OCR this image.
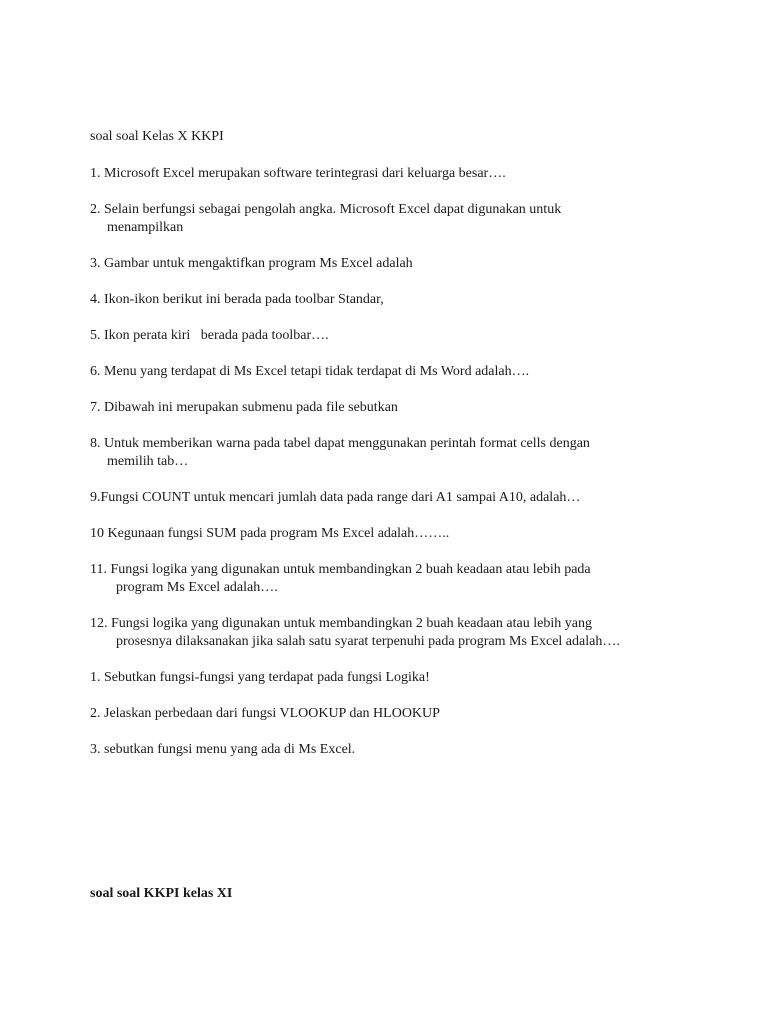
soal soal Kelas X KKPI
1. Microsoft Excel merupakan software terintegrasi dari keluarga besar….
2. Selain berfungsi sebagai pengolah angka. Microsoft Excel dapat digunakan untuk
menampilkan
3. Gambar untuk mengaktifkan program Ms Excel adalah
4. Ikon-ikon berikut ini berada pada toolbar Standar,
5. Ikon perata kiri   berada pada toolbar….
6. Menu yang terdapat di Ms Excel tetapi tidak terdapat di Ms Word adalah….
7. Dibawah ini merupakan submenu pada file sebutkan
8. Untuk memberikan warna pada tabel dapat menggunakan perintah format cells dengan
memilih tab…
9.Fungsi COUNT untuk mencari jumlah data pada range dari A1 sampai A10, adalah…
10 Kegunaan fungsi SUM pada program Ms Excel adalah……..
11. Fungsi logika yang digunakan untuk membandingkan 2 buah keadaan atau lebih pada
program Ms Excel adalah….
12. Fungsi logika yang digunakan untuk membandingkan 2 buah keadaan atau lebih yang
prosesnya dilaksanakan jika salah satu syarat terpenuhi pada program Ms Excel adalah….
1. Sebutkan fungsi-fungsi yang terdapat pada fungsi Logika!
2. Jelaskan perbedaan dari fungsi VLOOKUP dan HLOOKUP
3. sebutkan fungsi menu yang ada di Ms Excel.
soal soal KKPI kelas XI
